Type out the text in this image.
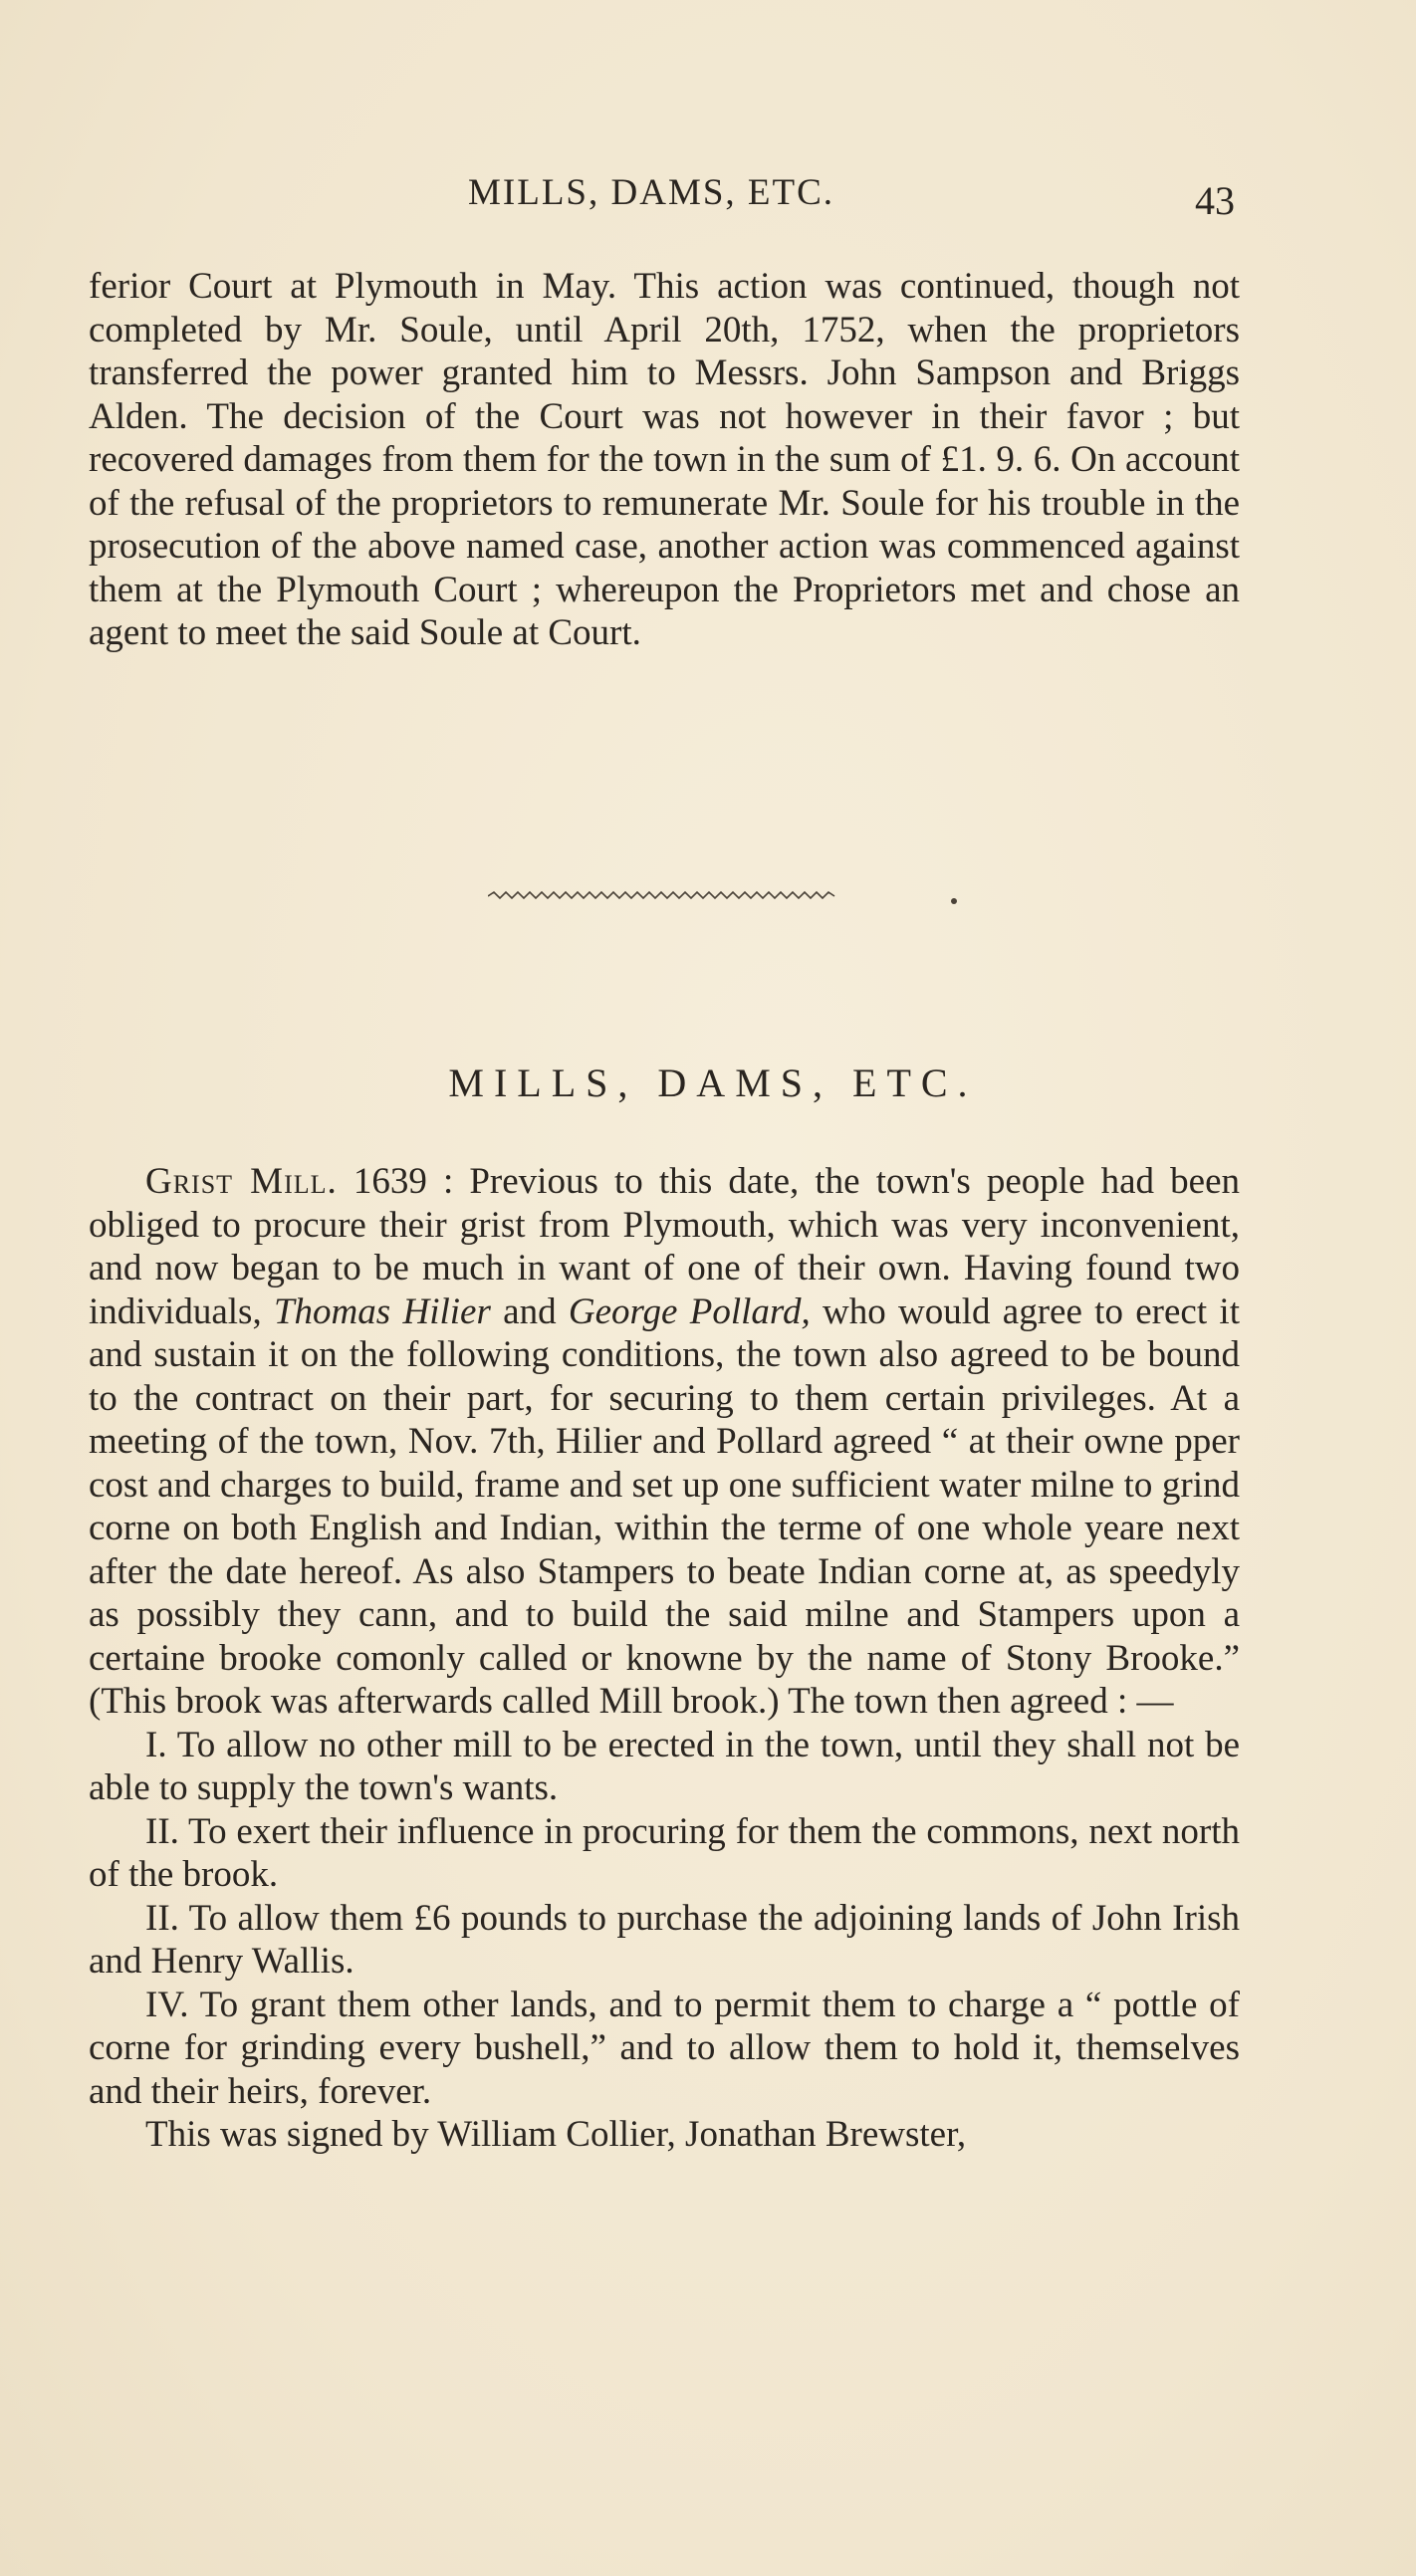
MILLS, DAMS, ETC.	43

ferior Court at Plymouth in May. This action was continued, though not completed by Mr. Soule, until April 20th, 1752, when the proprietors transferred the power granted him to Messrs. John Sampson and Briggs Alden. The decision of the Court was not however in their favor ; but recovered damages from them for the town in the sum of £1. 9. 6. On account of the refusal of the proprietors to remunerate Mr. Soule for his trouble in the prosecution of the above named case, another action was commenced against them at the Plymouth Court ; whereupon the Proprietors met and chose an agent to meet the said Soule at Court.

MILLS, DAMS, ETC.

Grist Mill. 1639 : Previous to this date, the town's people had been obliged to procure their grist from Plymouth, which was very inconvenient, and now began to be much in want of one of their own. Having found two individuals, Thomas Hilier and George Pollard, who would agree to erect it and sustain it on the following conditions, the town also agreed to be bound to the contract on their part, for securing to them certain privileges. At a meeting of the town, Nov. 7th, Hilier and Pollard agreed “ at their owne pper cost and charges to build, frame and set up one sufficient water milne to grind corne on both English and Indian, within the terme of one whole yeare next after the date hereof. As also Stampers to beate Indian corne at, as speedyly as possibly they cann, and to build the said milne and Stampers upon a certaine brooke comonly called or knowne by the name of Stony Brooke.” (This brook was afterwards called Mill brook.) The town then agreed : —

I. To allow no other mill to be erected in the town, until they shall not be able to supply the town's wants.

II. To exert their influence in procuring for them the commons, next north of the brook.

II. To allow them £6 pounds to purchase the adjoining lands of John Irish and Henry Wallis.

IV. To grant them other lands, and to permit them to charge a “ pottle of corne for grinding every bushell,” and to allow them to hold it, themselves and their heirs, forever.

This was signed by William Collier, Jonathan Brewster,
